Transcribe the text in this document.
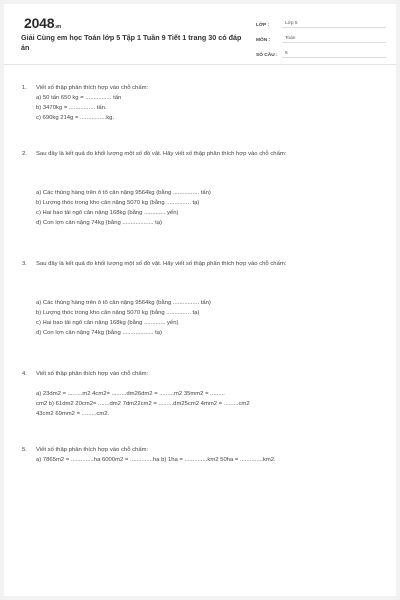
2048.vn
Giải Cùng em học Toán lớp 5 Tập 1 Tuần 9 Tiết 1 trang 30 có đáp án
LỚP :	Lớp 5
MÔN :	Toán
SỐ CÂU :	5
1. Viết số thập phân thích hợp vào chỗ chấm:
a) 50 tấn 650 kg = ................ tấn
b) 3470kg = ................ tấn.
c) 690kg 214g = ................kg.
2. Sau đây là kết quả đo khối lượng một số đồ vật. Hãy viết số thập phân thích hợp vào chỗ chấm:
a) Các thùng hàng trên ô tô cân nặng 9564kg (bằng ................ tấn)
b) Lượng thóc trong kho cân nặng 5070 kg (bằng ............... tạ)
c) Hai bao tải ngô cân nặng 168kg (bằng ............. yến)
d) Con lợn cân nặng 74kg (bằng ................... tạ)
3. Sau đây là kết quả đo khối lượng một số đồ vật. Hãy viết số thập phân thích hợp vào chỗ chấm:
a) Các thùng hàng trên ô tô cân nặng 9564kg (bằng ................ tấn)
b) Lượng thóc trong kho cân nặng 5070 kg (bằng ............... tạ)
c) Hai bao tải ngô cân nặng 168kg (bằng ............. yến)
d) Con lợn cân nặng 74kg (bằng ................... tạ)
4. Viết số thập phân thích hợp vào chỗ chấm:
a) 23dm2 = .........m2 4cm2= .........dm26dm2 = .........m2 35mm2 = .........
cm2 b) 61dm2 20cm2= .......dm2 7dm22cm2 = .........dm25cm2 4mm2 = .........cm2
43cm2 69mm2 = .........cm2.
5. Viết số thập phân thích hợp vào chỗ chấm:
a) 7865m2 = ..............ha 6000m2 = ..............ha b) 1ha = ..............km2 50ha = ..............km2.
